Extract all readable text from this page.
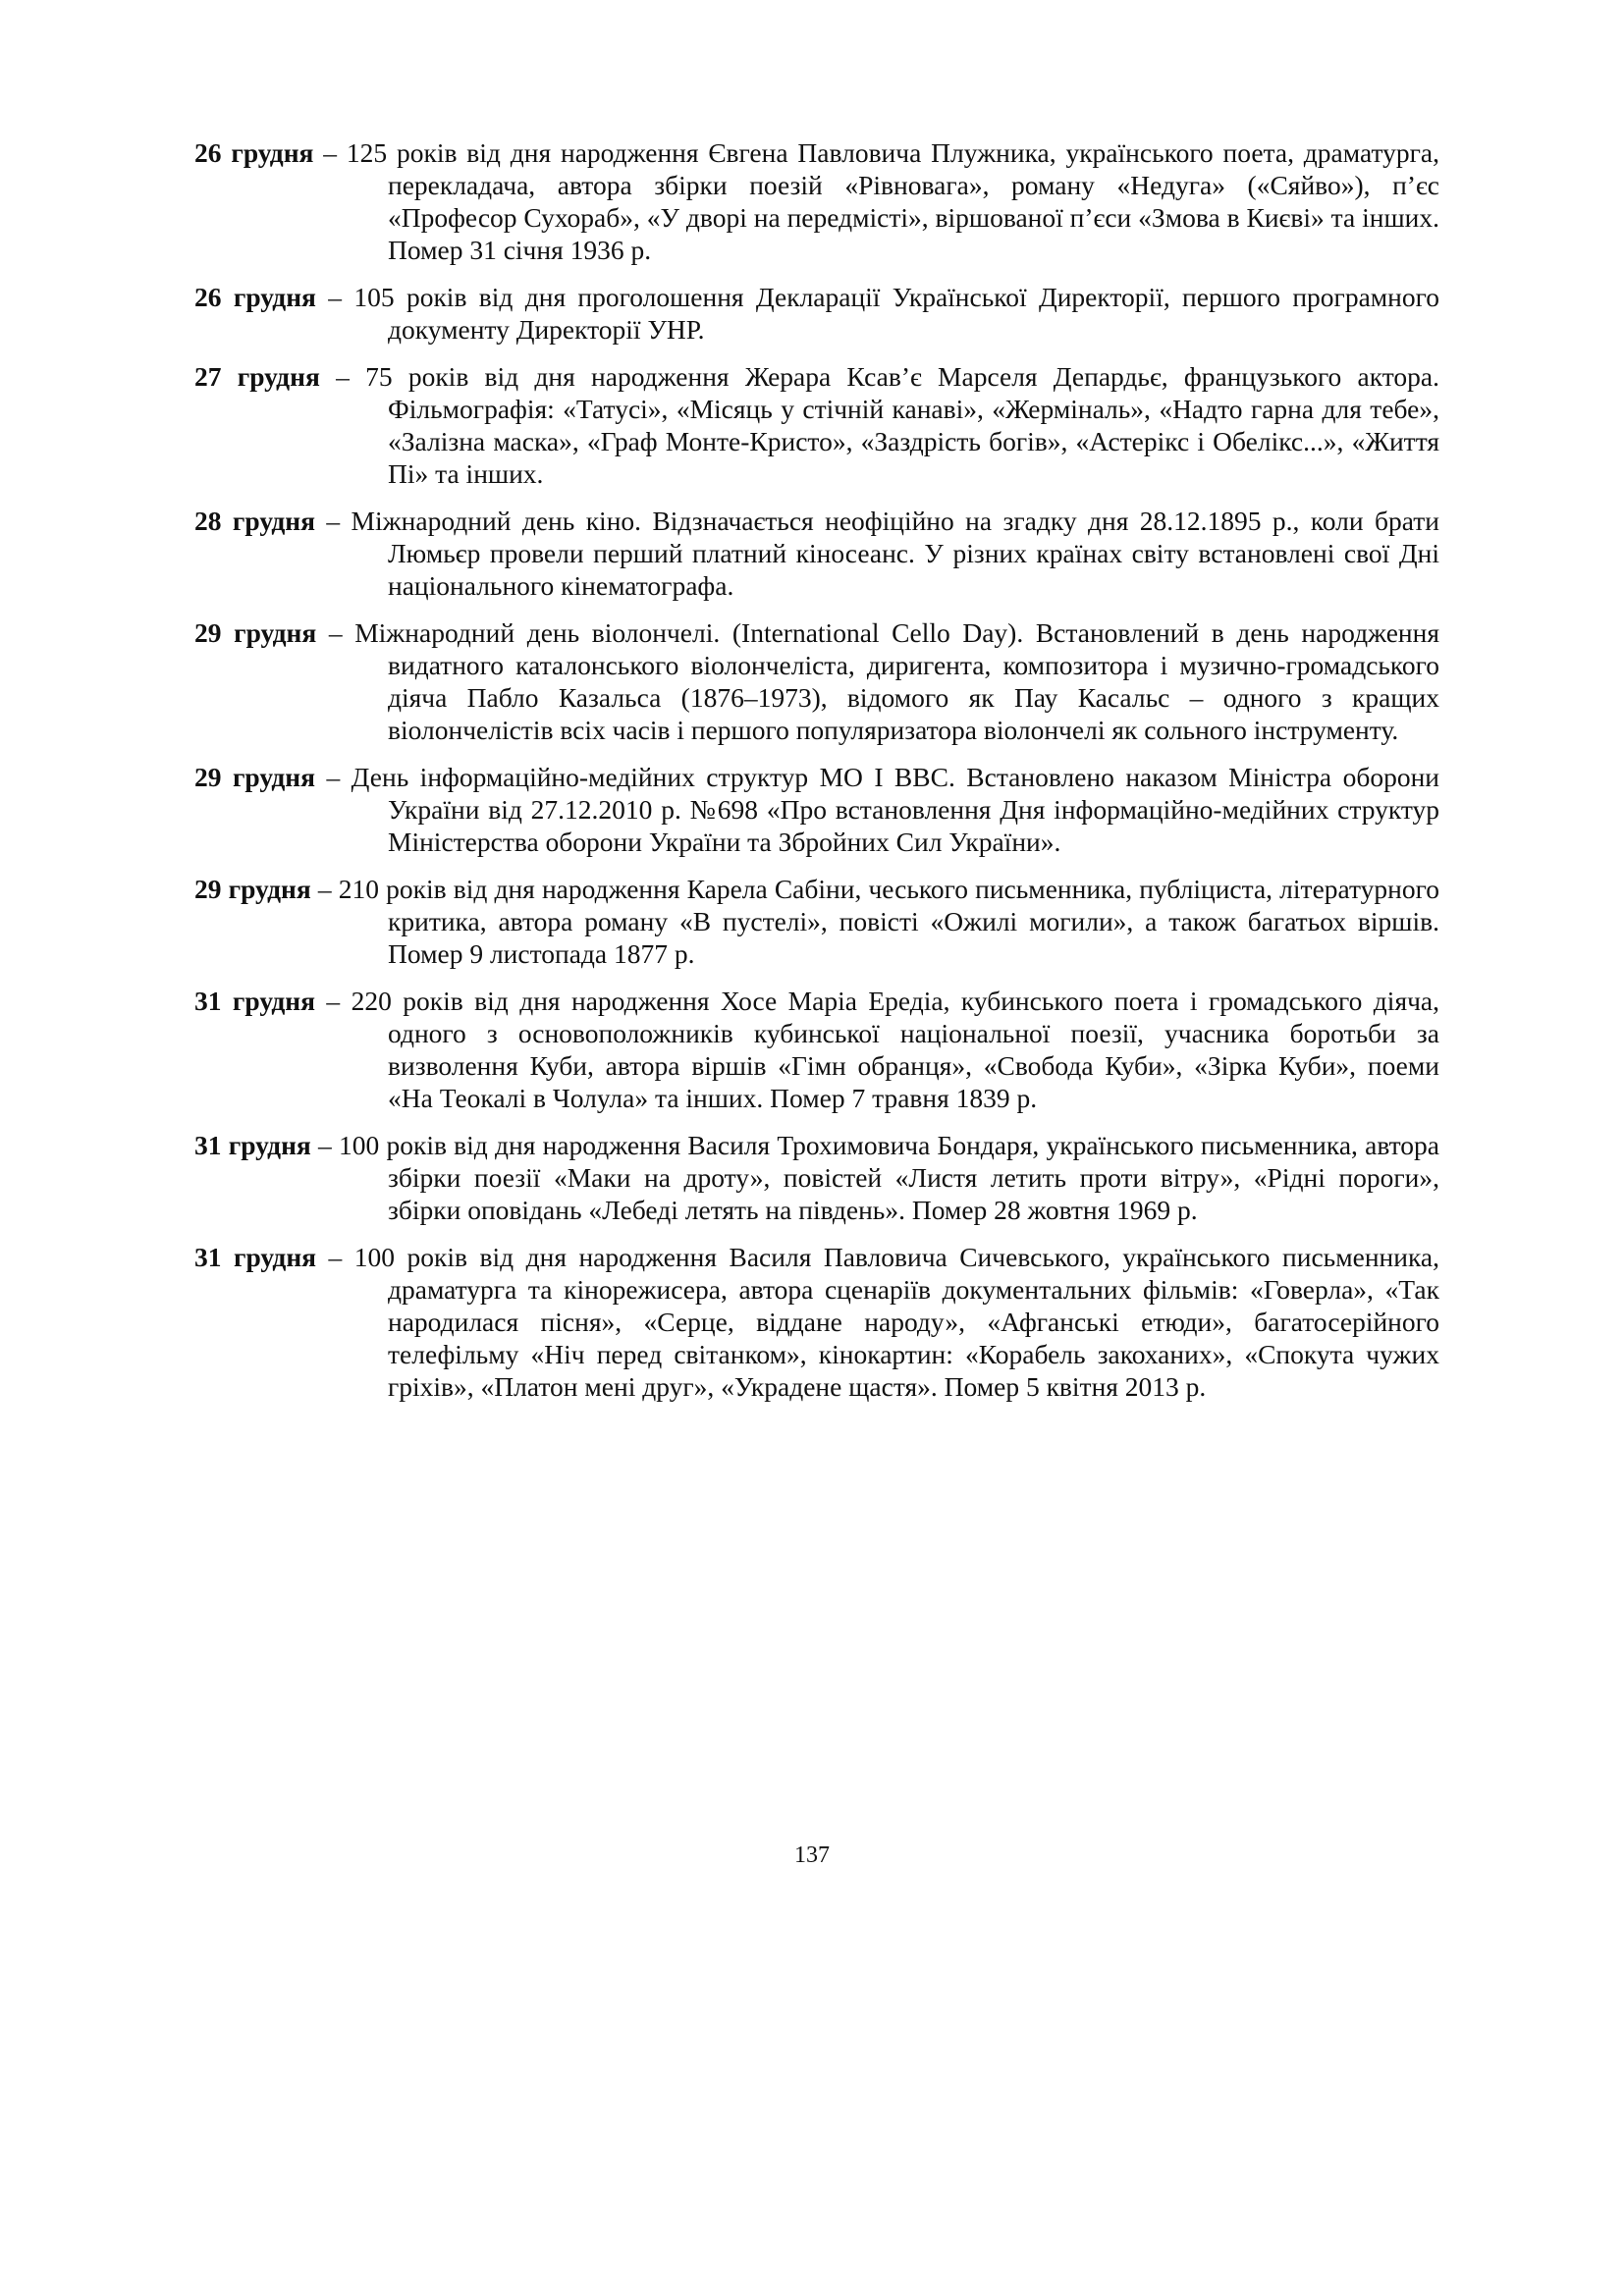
26 грудня – 125 років від дня народження Євгена Павловича Плужника, українського поета, драматурга, перекладача, автора збірки поезій «Рівновага», роману «Недуга» («Сяйво»), п’єс «Професор Сухораб», «У дворі на передмісті», віршованої п’єси «Змова в Києві» та інших. Помер 31 січня 1936 р.

26 грудня – 105 років від дня проголошення Декларації Української Директорії, першого програмного документу Директорії УНР.

27 грудня – 75 років від дня народження Жерара Ксав’є Марселя Депардьє, французького актора. Фільмографія: «Татусі», «Місяць у стічній канаві», «Жерміналь», «Надто гарна для тебе», «Залізна маска», «Граф Монте-Кристо», «Заздрість богів», «Астерікс і Обелікс...», «Життя Пі» та інших.

28 грудня – Міжнародний день кіно. Відзначається неофіційно на згадку дня 28.12.1895 р., коли брати Люмьєр провели перший платний кіносеанс. У різних країнах світу встановлені свої Дні національного кінематографа.

29 грудня – Міжнародний день віолончелі. (International Cello Day). Встановлений в день народження видатного каталонського віолончеліста, диригента, композитора і музично-громадського діяча Пабло Казальса (1876–1973), відомого як Пау Касальс – одного з кращих віолончелістів всіх часів і першого популяризатора віолончелі як сольного інструменту.

29 грудня – День інформаційно-медійних структур МО І ВВС. Встановлено наказом Міністра оборони України від 27.12.2010 р. №698 «Про встановлення Дня інформаційно-медійних структур Міністерства оборони України та Збройних Сил України».

29 грудня – 210 років від дня народження Карела Сабіни, чеського письменника, публіциста, літературного критика, автора роману «В пустелі», повісті «Ожилі могили», а також багатьох віршів. Помер 9 листопада 1877 р.

31 грудня – 220 років від дня народження Хосе Маріа Ередіа, кубинського поета і громадського діяча, одного з основоположників кубинської національної поезії, учасника боротьби за визволення Куби, автора віршів «Гімн обранця», «Свобода Куби», «Зірка Куби», поеми «На Теокалі в Чолула» та інших. Помер 7 травня 1839 р.

31 грудня – 100 років від дня народження Василя Трохимовича Бондаря, українського письменника, автора збірки поезії «Маки на дроту», повістей «Листя летить проти вітру», «Рідні пороги», збірки оповідань «Лебеді летять на південь». Помер 28 жовтня 1969 р.

31 грудня – 100 років від дня народження Василя Павловича Сичевського, українського письменника, драматурга та кінорежисера, автора сценаріїв документальних фільмів: «Говерла», «Так народилася пісня», «Серце, віддане народу», «Афганські етюди», багатосерійного телефільму «Ніч перед світанком», кінокартин: «Корабель закоханих», «Спокута чужих гріхів», «Платон мені друг», «Украдене щастя». Помер 5 квітня 2013 р.

137
